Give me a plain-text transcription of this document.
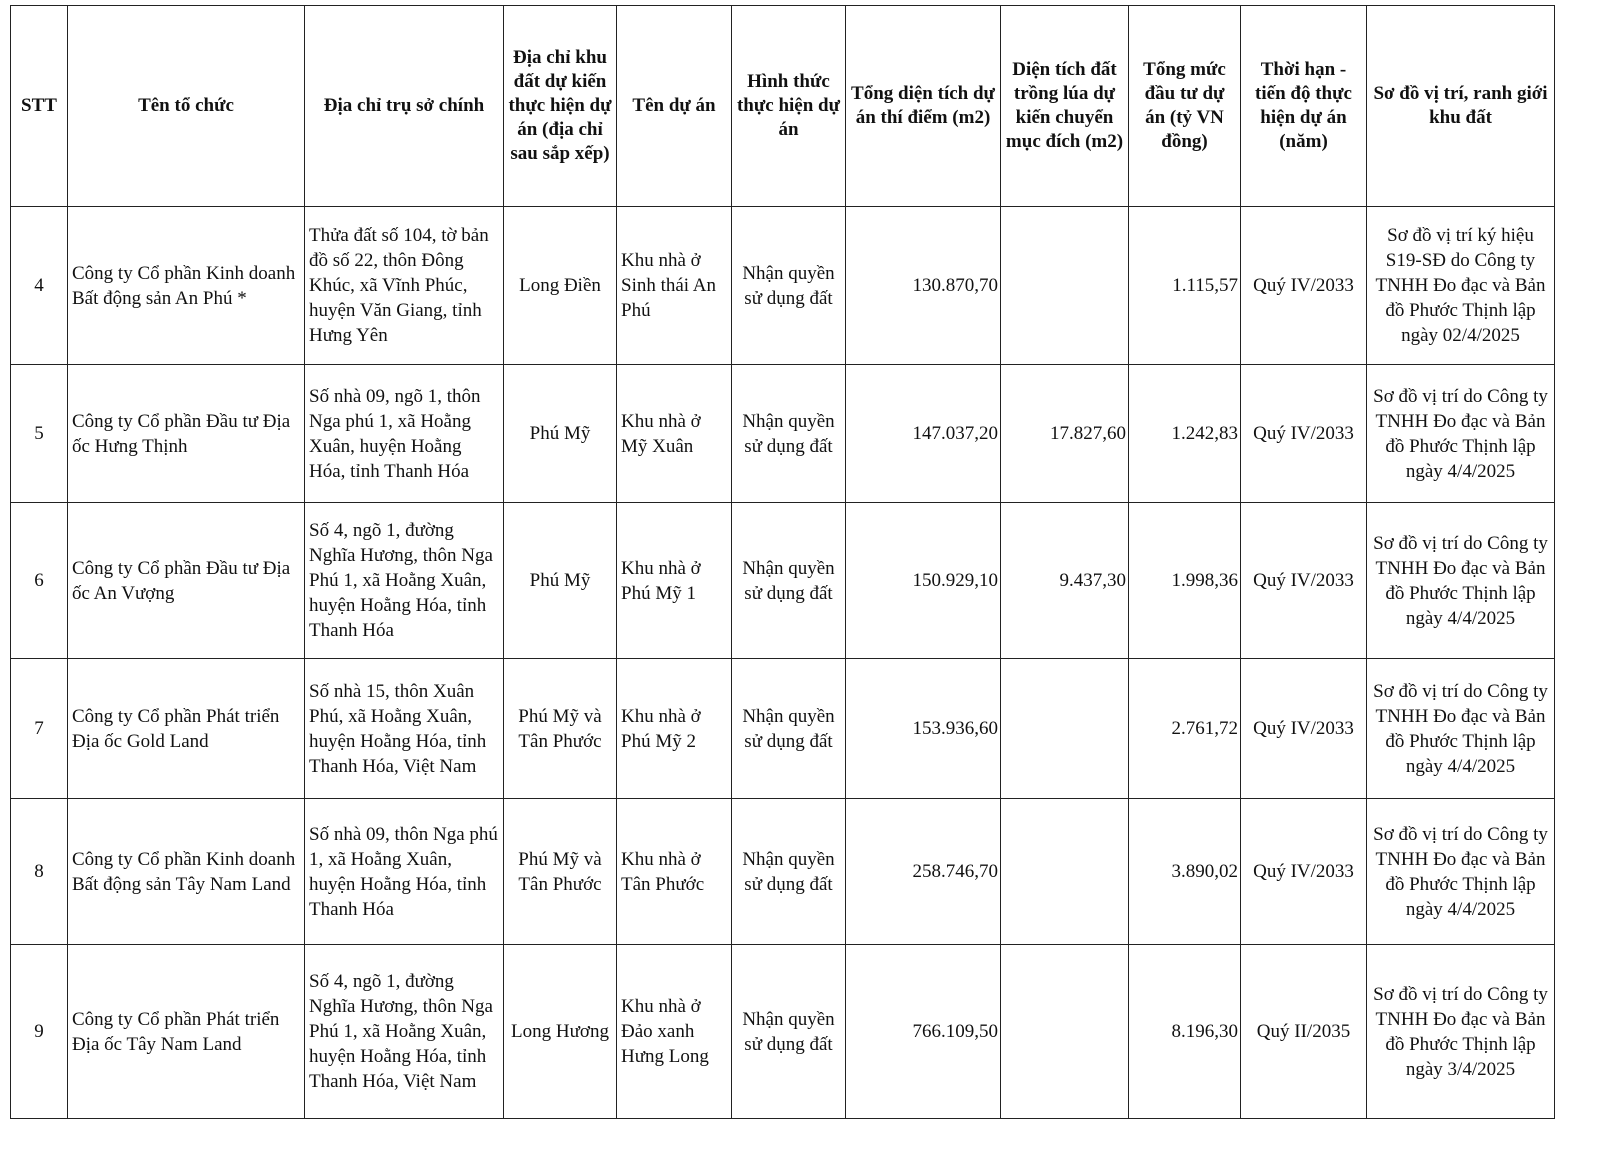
STT	Tên tổ chức	Địa chỉ trụ sở chính	Địa chỉ khu đất dự kiến thực hiện dự án (địa chỉ sau sắp xếp)	Tên dự án	Hình thức thực hiện dự án	Tổng diện tích dự án thí điểm (m2)	Diện tích đất trồng lúa dự kiến chuyển mục đích (m2)	Tổng mức đầu tư dự án (tỷ VN đồng)	Thời hạn - tiến độ thực hiện dự án (năm)	Sơ đồ vị trí, ranh giới khu đất
4	Công ty Cổ phần Kinh doanh Bất động sản An Phú *	Thửa đất số 104, tờ bản đồ số 22, thôn Đông Khúc, xã Vĩnh Phúc, huyện Văn Giang, tỉnh Hưng Yên	Long Điền	Khu nhà ở Sinh thái An Phú	Nhận quyền sử dụng đất	130.870,70		1.115,57	Quý IV/2033	Sơ đồ vị trí ký hiệu S19-SĐ do Công ty TNHH Đo đạc và Bản đồ Phước Thịnh lập ngày 02/4/2025
5	Công ty Cổ phần Đầu tư Địa ốc Hưng Thịnh	Số nhà 09, ngõ 1, thôn Nga phú 1, xã Hoằng Xuân, huyện Hoằng Hóa, tỉnh Thanh Hóa	Phú Mỹ	Khu nhà ở Mỹ Xuân	Nhận quyền sử dụng đất	147.037,20	17.827,60	1.242,83	Quý IV/2033	Sơ đồ vị trí do Công ty TNHH Đo đạc và Bản đồ Phước Thịnh lập ngày 4/4/2025
6	Công ty Cổ phần Đầu tư Địa ốc An Vượng	Số 4, ngõ 1, đường Nghĩa Hương, thôn Nga Phú 1, xã Hoằng Xuân, huyện Hoằng Hóa, tỉnh Thanh Hóa	Phú Mỹ	Khu nhà ở Phú Mỹ 1	Nhận quyền sử dụng đất	150.929,10	9.437,30	1.998,36	Quý IV/2033	Sơ đồ vị trí do Công ty TNHH Đo đạc và Bản đồ Phước Thịnh lập ngày 4/4/2025
7	Công ty Cổ phần Phát triển Địa ốc Gold Land	Số nhà 15, thôn Xuân Phú, xã Hoằng Xuân, huyện Hoằng Hóa, tỉnh Thanh Hóa, Việt Nam	Phú Mỹ và Tân Phước	Khu nhà ở Phú Mỹ 2	Nhận quyền sử dụng đất	153.936,60		2.761,72	Quý IV/2033	Sơ đồ vị trí do Công ty TNHH Đo đạc và Bản đồ Phước Thịnh lập ngày 4/4/2025
8	Công ty Cổ phần Kinh doanh Bất động sản Tây Nam Land	Số nhà 09, thôn Nga phú 1, xã Hoằng Xuân, huyện Hoằng Hóa, tỉnh Thanh Hóa	Phú Mỹ và Tân Phước	Khu nhà ở Tân Phước	Nhận quyền sử dụng đất	258.746,70		3.890,02	Quý IV/2033	Sơ đồ vị trí do Công ty TNHH Đo đạc và Bản đồ Phước Thịnh lập ngày 4/4/2025
9	Công ty Cổ phần Phát triển Địa ốc Tây Nam Land	Số 4, ngõ 1, đường Nghĩa Hương, thôn Nga Phú 1, xã Hoằng Xuân, huyện Hoằng Hóa, tỉnh Thanh Hóa, Việt Nam	Long Hương	Khu nhà ở Đảo xanh Hưng Long	Nhận quyền sử dụng đất	766.109,50		8.196,30	Quý II/2035	Sơ đồ vị trí do Công ty TNHH Đo đạc và Bản đồ Phước Thịnh lập ngày 3/4/2025
